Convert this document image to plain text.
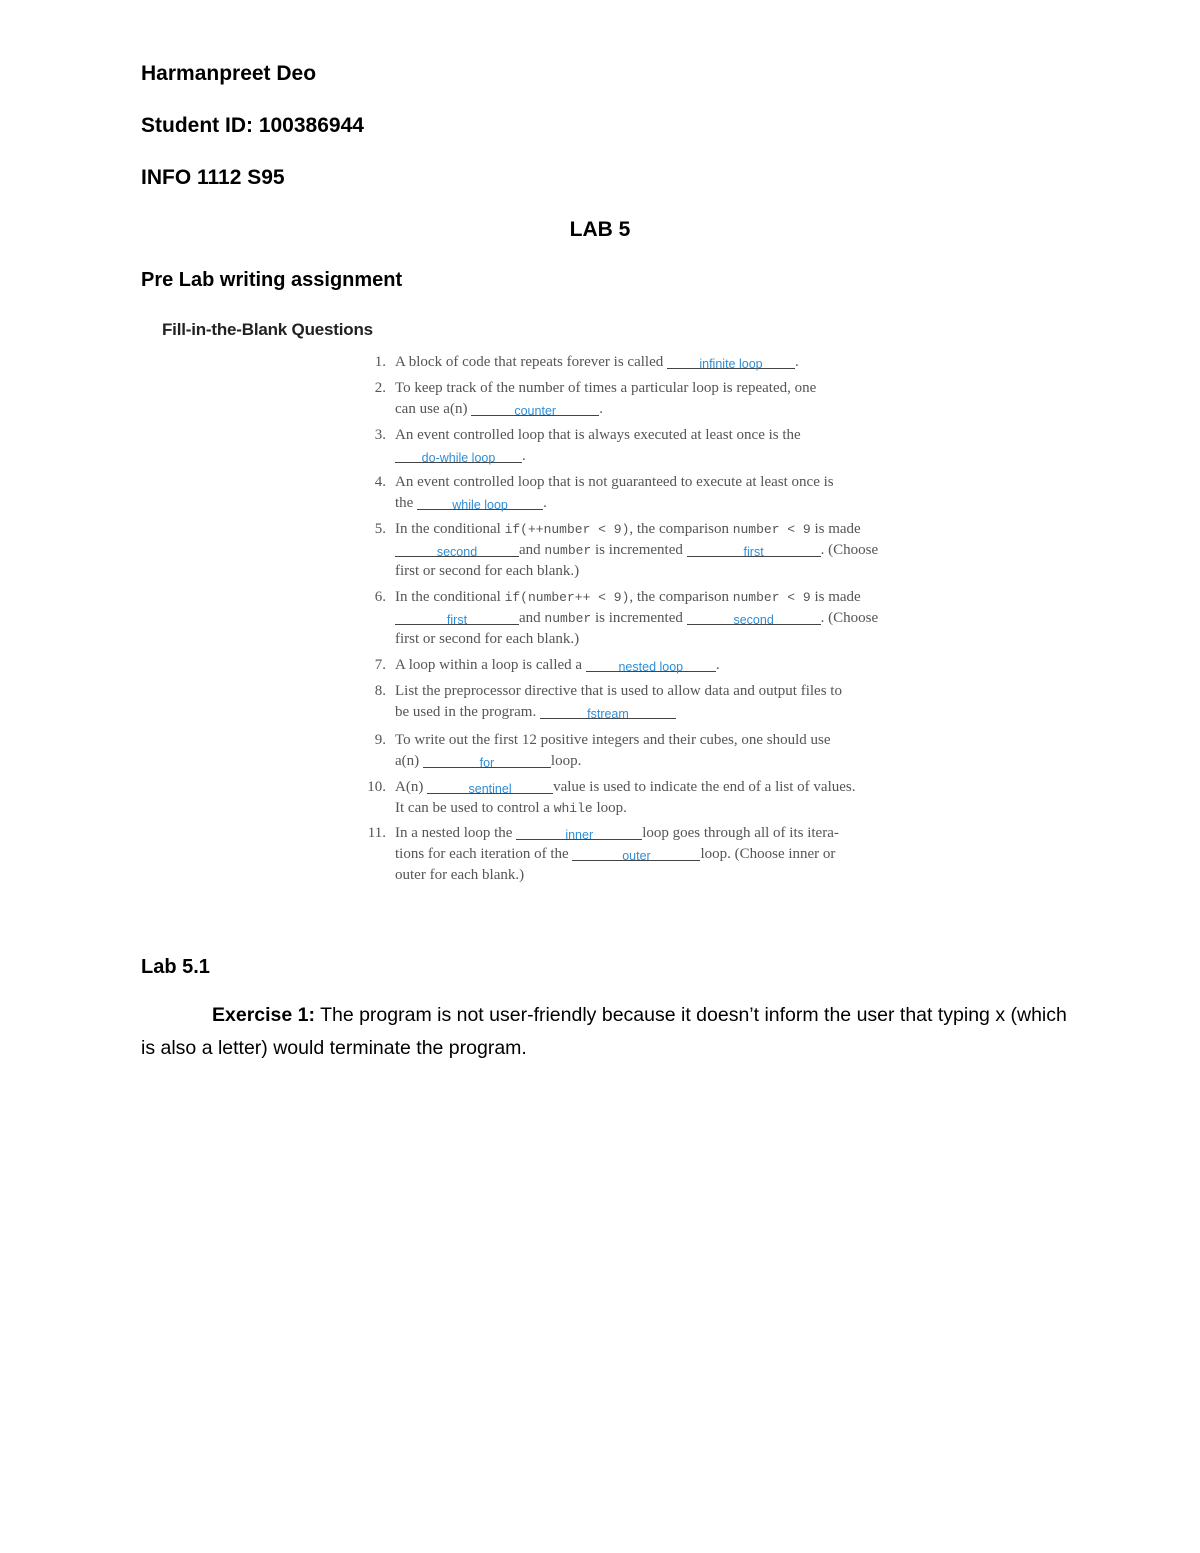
Harmanpreet Deo

Student ID: 100386944

INFO 1112 S95

LAB 5

Pre Lab writing assignment

Fill-in-the-Blank Questions

1. A block of code that repeats forever is called	infinite loop .
2. To keep track of the number of times a particular loop is repeated, one
can use a(n)	counter	.
3. An event controlled loop that is always executed at least once is the
do-while loop .
4. An event controlled loop that is not guaranteed to execute at least once is
the	while loop .
5. In the conditional if(++number < 9), the comparison number < 9 is made
second	and number is incremented	first	. (Choose
first or second for each blank.)
6. In the conditional if(number++ < 9), the comparison number < 9 is made
first	and number is incremented	second	. (Choose
first or second for each blank.)
7. A loop within a loop is called a	nested loop .
8. List the preprocessor directive that is used to allow data and output files to
be used in the program.	fstream
9. To write out the first 12 positive integers and their cubes, one should use
a(n)	for	loop.
10. A(n)	sentinel	value is used to indicate the end of a list of values.
It can be used to control a while loop.
11. In a nested loop the	inner	loop goes through all of its itera-
tions for each iteration of the	outer	loop. (Choose inner or
outer for each blank.)

Lab 5.1

Exercise 1: The program is not user-friendly because it doesn’t inform the user that typing x (which is also a letter) would terminate the program.
